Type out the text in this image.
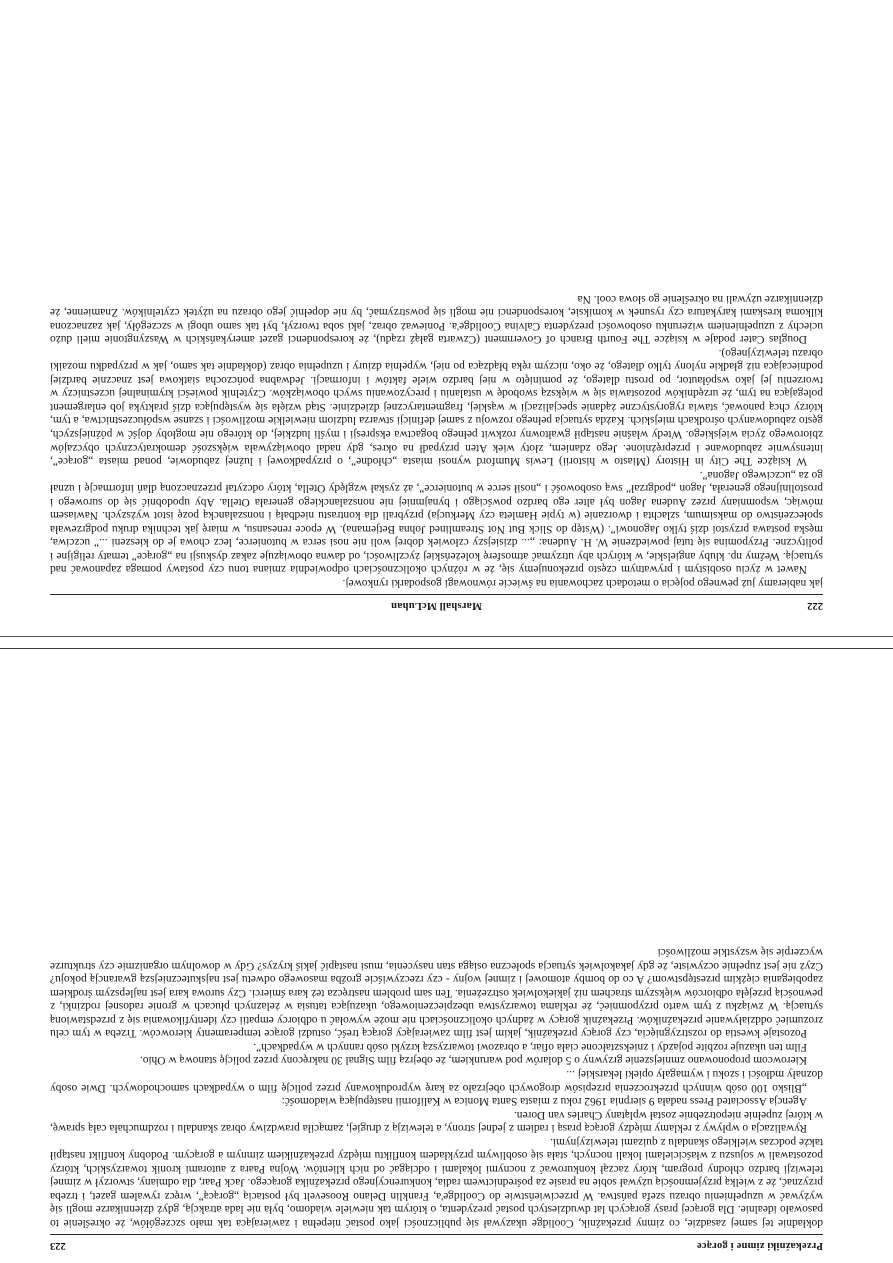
Przekaźniki zimne i gorące
223

dokładnie tej samej zasadzie, co zimny przekaźnik, Coolidge ukazywał się publiczności jako postać niepełna i zawierająca tak mało szczegółów, że określenie to pasowało idealnie. Dla gorącej prasy gorących lat dwudziestych postać prezydenta, o którym tak niewiele wiadomo, była nie lada atrakcją, gdyż dziennikarze mogli się wyżywać w uzupełnieniu obrazu szefa państwa. W przeciwieństwie do Coolidge'a, Franklin Delano Roosevelt był postacią „gorącą”, wręcz rywalem gazet, i trzeba przyznać, że z wielką przyjemnością używał sobie na prasie za pośrednictwem radia, konkurencyjnego przekaźnika gorącego. Jack Paar, dla odmiany, stworzył w zimnej telewizji bardzo chłodny program, który zaczął konkurować z nocnymi lokalami i odciągać od nich klientów. Wojna Paara z autorami kronik towarzyskich, którzy pozostawali w sojuszu z właścicielami lokali nocnych, stała się osobliwym przykładem konfliktu między przekaźnikiem zimnym a gorącym. Podobny konflikt nastąpił także podczas wielkiego skandalu z quizami telewizyjnymi.

Rywalizacja o wpływy z reklamy między gorącą prasą i radiem z jednej strony, a telewizją z drugiej, zamąciła prawdziwy obraz skandalu i rozdmuchała całą sprawę, w której zupełnie niepotrzebnie został wplątany Charles van Doren.

Agencja Associated Press nadała 9 sierpnia 1962 roku z miasta Santa Monica w Kalifornii następującą wiadomość:

„Blisko 100 osób winnych przekroczenia przepisów drogowych obejrzało za karę wyprodukowany przez policję film o wypadkach samochodowych. Dwie osoby doznały mdłości i szoku i wymagały opieki lekarskiej ...

Kierowcom proponowano zmniejszenie grzywny o 5 dolarów pod warunkiem, że obejrzą film Signal 30 nakręcony przez policję stanową w Ohio.

Film ten ukazuje rozbite pojazdy i zniekształcone ciała ofiar, a obrazowi towarzyszą krzyki osób rannych w wypadkach”.

Pozostaje kwestia do rozstrzygnięcia, czy gorący przekaźnik, jakim jest film zawierający gorącą treść, ostudzi gorące temperamenty kierowców. Trzeba w tym celu zrozumieć oddziaływanie przekaźników. Przekaźnik gorący w żadnych okolicznościach nie może wywołać u odbiorcy empatii czy identyfikowania się z przedstawioną sytuacją. W związku z tym warto przypomnieć, że reklama towarzystwa ubezpieczeniowego, ukazująca tatusia w żelaznych płucach w gronie radosnej rodzinki, z pewnością przejęła odbiorców większym strachem niż jakiekolwiek ostrzeżenia. Ten sam problem nastręcza też kara śmierci. Czy surowa kara jest najlepszym środkiem zapobiegania ciężkim przestępstwom? A co do bomby atomowej i zimnej wojny - czy rzeczywiście groźba masowego odwetu jest najskuteczniejszą gwarancją pokoju? Czyż nie jest zupełnie oczywiste, że gdy jakakolwiek sytuacja społeczna osiąga stan nasycenia, musi nastąpić jakiś kryzys? Gdy w dowolnym organizmie czy strukturze wyczerpie się wszystkie możliwości

222
Marshall McLuhan

jak nabieramy już pewnego pojęcia o metodach zachowania na świecie równowagi gospodarki rynkowej.

Nawet w życiu osobistym i prywatnym często przekonujemy się, że w różnych okolicznościach odpowiednia zmiana tonu czy postawy pomaga zapanować nad sytuacją. Weźmy np. kluby angielskie, w których aby utrzymać atmosferę koleżeńskiej życzliwości, od dawna obowiązuje zakaz dyskusji na „gorące” tematy religijne i polityczne. Przypomina się tutaj powiedzenie W. H. Audena: „... dzisiejszy człowiek dobrej woli nie nosi serca w butonierce, lecz chowa je do kieszeni ...” uczciwa, męska postawa przystoi dziś tylko Jagonowi”. (Wstęp do Slick But Not Streamlined Johna Betjemana). W epoce renesansu, w miarę jak technika druku podgrzewała społeczeństwo do maksimum, szlachta i dworzanie (w typie Hamleta czy Merkucja) przybrali dla kontrastu niedbałą i nonszalancką pozę istot wyższych. Nawiasem mówiąc, wspomniany przez Audena Jagon był alter ego bardzo powściągo i bynajmniej nie nonszalanckiego generała Otella. Aby upodobnić się do surowego i prostolinijnego generała, Jagon „podgrzał” swą osobowość i „nosił serce w butonierce”, aż zyskał względy Otella, który odczytał przeznaczoną dlań informację i uznał go za „uczciwego Jagona”.

W książce The City in History (Miasto w historii) Lewis Mumford wynosi miasta „chłodne”, o przypadkowej i luźnej zabudowie, ponad miasta „gorące”, intensywnie zabudowane i przeprężnione. Jego zdaniem, złoty wiek Aten przypadł na okres, gdy nadal obowiązywała większość demokratycznych obyczajów zbiorowego życia wiejskiego. Wtedy właśnie nastąpił gwałtowny rozkwit pełnego bogactwa ekspresji i myśli ludzkiej, do którego nie mogłoby dojść w późniejszych, gęsto zabudowanych ośrodkach miejskich. Każda sytuacja pełnego rozwoju z samej definicji stwarza ludziom niewielkie możliwości i szanse współuczestnictwa, a tym, którzy chcą panować, stawia rygorystyczne żądanie specjalizacji w wąskiej, fragmentarycznej dziedzinie. Stąd wzięła się występująca dziś praktyka job enlargement polegająca na tym, że urzędników pozostawia się w większą swobodę w ustalaniu i precyzowaniu swych obowiązków. Czytelnik powieści kryminalnej uczestniczy w tworzeniu jej jako współautor, po prostu dlatego, że pominięto w niej bardzo wiele faktów i informacji. Jedwabna pończocha siatkowa jest znacznie bardziej podniecająca niż gładkie nylony tylko dlatego, że oko, niczym ręka błądząca po niej, wypełnia dziury i uzupełnia obraz (dokładnie tak samo, jak w przypadku mozaiki obrazu telewizyjnego).

Douglas Cater podaje w książce The Fourth Branch of Government (Czwarta gałąź rządu), że korespondenci gazet amerykańskich w Waszyngtonie mieli dużo uciechy z uzupełnieniem wizerunku osobowości prezydenta Calvina Coolidge'a. Ponieważ obraz, jaki soba tworzył, był tak samo ubogi w szczegóły, jak zaznaczona kilkoma kreskami karykatura czy rysunek w komiksie, korespondenci nie mogli się powstrzymać, by nie dopełnić jego obrazu na użytek czytelników. Znamienne, że dziennikarze używali na określenie go słowa cool. Na
